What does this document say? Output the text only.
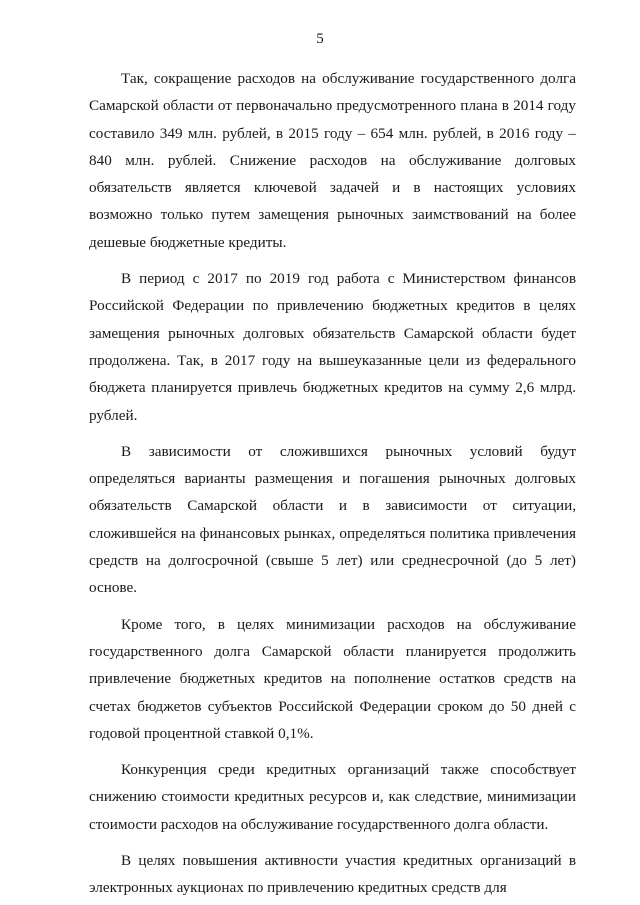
5

Так, сокращение расходов на обслуживание государственного долга Самарской области от первоначально предусмотренного плана в 2014 году составило 349 млн. рублей, в 2015 году – 654 млн. рублей, в 2016 году – 840 млн. рублей. Снижение расходов на обслуживание долговых обязательств является ключевой задачей и в настоящих условиях возможно только путем замещения рыночных заимствований на более дешевые бюджетные кредиты.

В период с 2017 по 2019 год работа с Министерством финансов Российской Федерации по привлечению бюджетных кредитов в целях замещения рыночных долговых обязательств Самарской области будет продолжена. Так, в 2017 году на вышеуказанные цели из федерального бюджета планируется привлечь бюджетных кредитов на сумму 2,6 млрд. рублей.

В зависимости от сложившихся рыночных условий будут определяться варианты размещения и погашения рыночных долговых обязательств Самарской области и в зависимости от ситуации, сложившейся на финансовых рынках, определяться политика привлечения средств на долгосрочной (свыше 5 лет) или среднесрочной (до 5 лет) основе.

Кроме того, в целях минимизации расходов на обслуживание государственного долга Самарской области планируется продолжить привлечение бюджетных кредитов на пополнение остатков средств на счетах бюджетов субъектов Российской Федерации сроком до 50 дней с годовой процентной ставкой 0,1%.

Конкуренция среди кредитных организаций также способствует снижению стоимости кредитных ресурсов и, как следствие, минимизации стоимости расходов на обслуживание государственного долга области.

В целях повышения активности участия кредитных организаций в электронных аукционах по привлечению кредитных средств для
